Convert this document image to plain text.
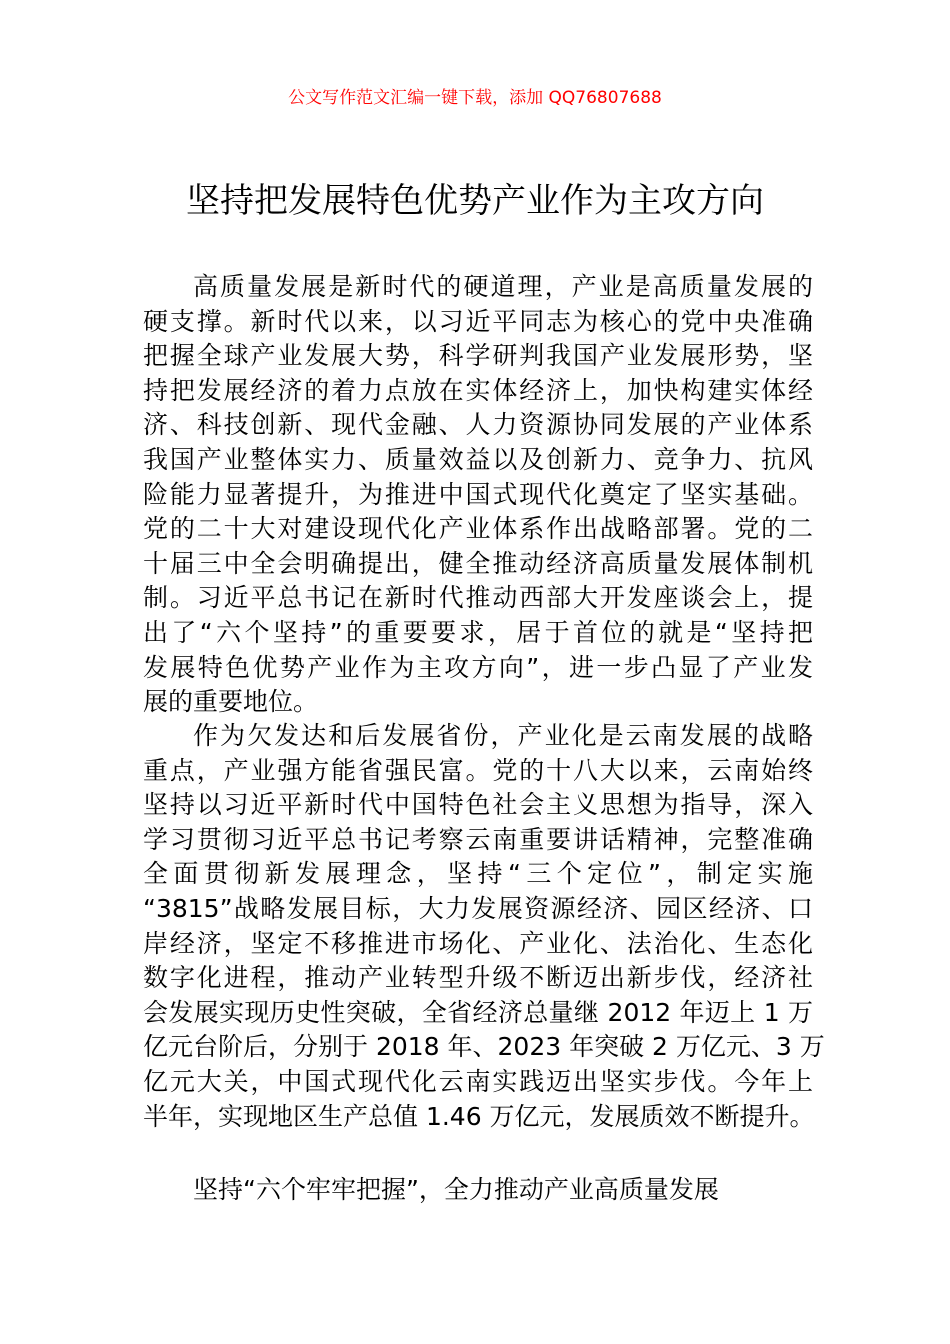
公文写作范文汇编一键下载，添加 QQ76807688
坚持把发展特色优势产业作为主攻方向
高质量发展是新时代的硬道理，产业是高质量发展的
硬支撑。新时代以来，以习近平同志为核心的党中央准确
把握全球产业发展大势，科学研判我国产业发展形势，坚
持把发展经济的着力点放在实体经济上，加快构建实体经
济、科技创新、现代金融、人力资源协同发展的产业体系
我国产业整体实力、质量效益以及创新力、竞争力、抗风
险能力显著提升，为推进中国式现代化奠定了坚实基础。
党的二十大对建设现代化产业体系作出战略部署。党的二
十届三中全会明确提出，健全推动经济高质量发展体制机
制。习近平总书记在新时代推动西部大开发座谈会上，提
出了“六个坚持”的重要要求，居于首位的就是“坚持把
发展特色优势产业作为主攻方向”，进一步凸显了产业发
展的重要地位。
作为欠发达和后发展省份，产业化是云南发展的战略
重点，产业强方能省强民富。党的十八大以来，云南始终
坚持以习近平新时代中国特色社会主义思想为指导，深入
学习贯彻习近平总书记考察云南重要讲话精神，完整准确
全面贯彻新发展理念，坚持“三个定位”，制定实施
“3815”战略发展目标，大力发展资源经济、园区经济、口
岸经济，坚定不移推进市场化、产业化、法治化、生态化
数字化进程，推动产业转型升级不断迈出新步伐，经济社
会发展实现历史性突破，全省经济总量继 2012 年迈上 1 万
亿元台阶后，分别于 2018 年、2023 年突破 2 万亿元、3 万
亿元大关，中国式现代化云南实践迈出坚实步伐。今年上
半年，实现地区生产总值 1.46 万亿元，发展质效不断提升。
坚持“六个牢牢把握”，全力推动产业高质量发展
